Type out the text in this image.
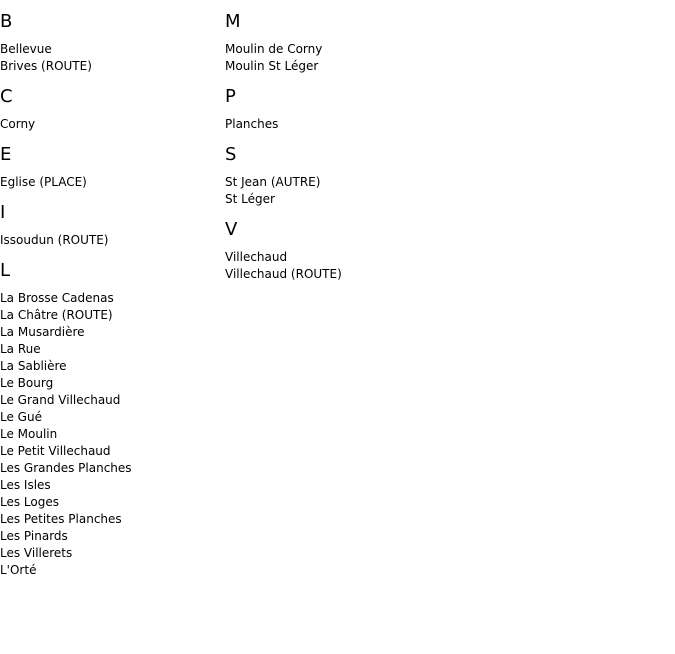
B
Bellevue
Brives (ROUTE)
C
Corny
E
Eglise (PLACE)
I
Issoudun (ROUTE)
L
La Brosse Cadenas
La Châtre (ROUTE)
La Musardière
La Rue
La Sablière
Le Bourg
Le Grand Villechaud
Le Gué
Le Moulin
Le Petit Villechaud
Les Grandes Planches
Les Isles
Les Loges
Les Petites Planches
Les Pinards
Les Villerets
L'Orté
M
Moulin de Corny
Moulin St Léger
P
Planches
S
St Jean (AUTRE)
St Léger
V
Villechaud
Villechaud (ROUTE)
